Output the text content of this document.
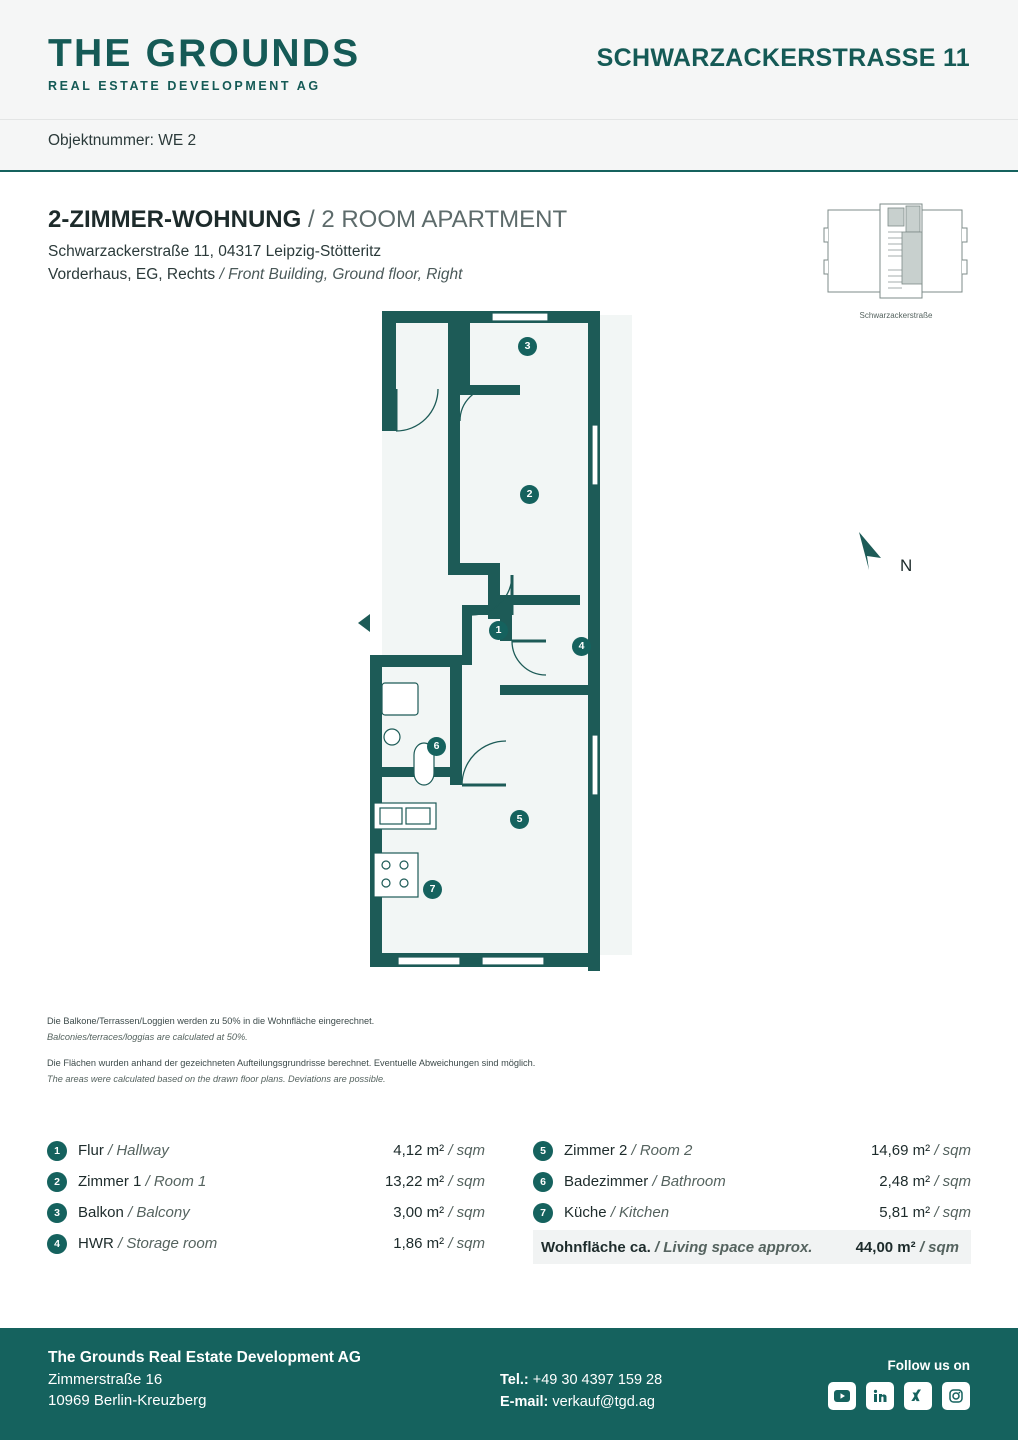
THE GROUNDS
REAL ESTATE DEVELOPMENT AG
SCHWARZACKERSTRASSE 11
Objektnummer: WE 2
2-ZIMMER-WOHNUNG / 2 ROOM APARTMENT
Schwarzackerstraße 11, 04317 Leipzig-Stötteritz
Vorderhaus, EG, Rechts / Front Building, Ground floor, Right
Schwarzackerstraße
N
3
2
1
4
6
5
7

Die Balkone/Terrassen/Loggien werden zu 50% in die Wohnfläche eingerechnet.

Balconies/terraces/loggias are calculated at 50%.

Die Flächen wurden anhand der gezeichneten Aufteilungsgrundrisse berechnet. Eventuelle Abweichungen sind möglich.

The areas were calculated based on the drawn floor plans. Deviations are possible.

1	Flur / Hallway	4,12 m² / sqm
2	Zimmer 1 / Room 1	13,22 m² / sqm
3	Balkon / Balcony	3,00 m² / sqm
4	HWR / Storage room	1,86 m² / sqm
5	Zimmer 2 / Room 2	14,69 m² / sqm
6	Badezimmer / Bathroom	2,48 m² / sqm
7	Küche / Kitchen	5,81 m² / sqm
Wohnfläche ca. / Living space approx.	44,00 m² / sqm
The Grounds Real Estate Development AG
Zimmerstraße 16
10969 Berlin-Kreuzberg
Tel.: +49 30 4397 159 28
E-mail: verkauf@tgd.ag
Follow us on
